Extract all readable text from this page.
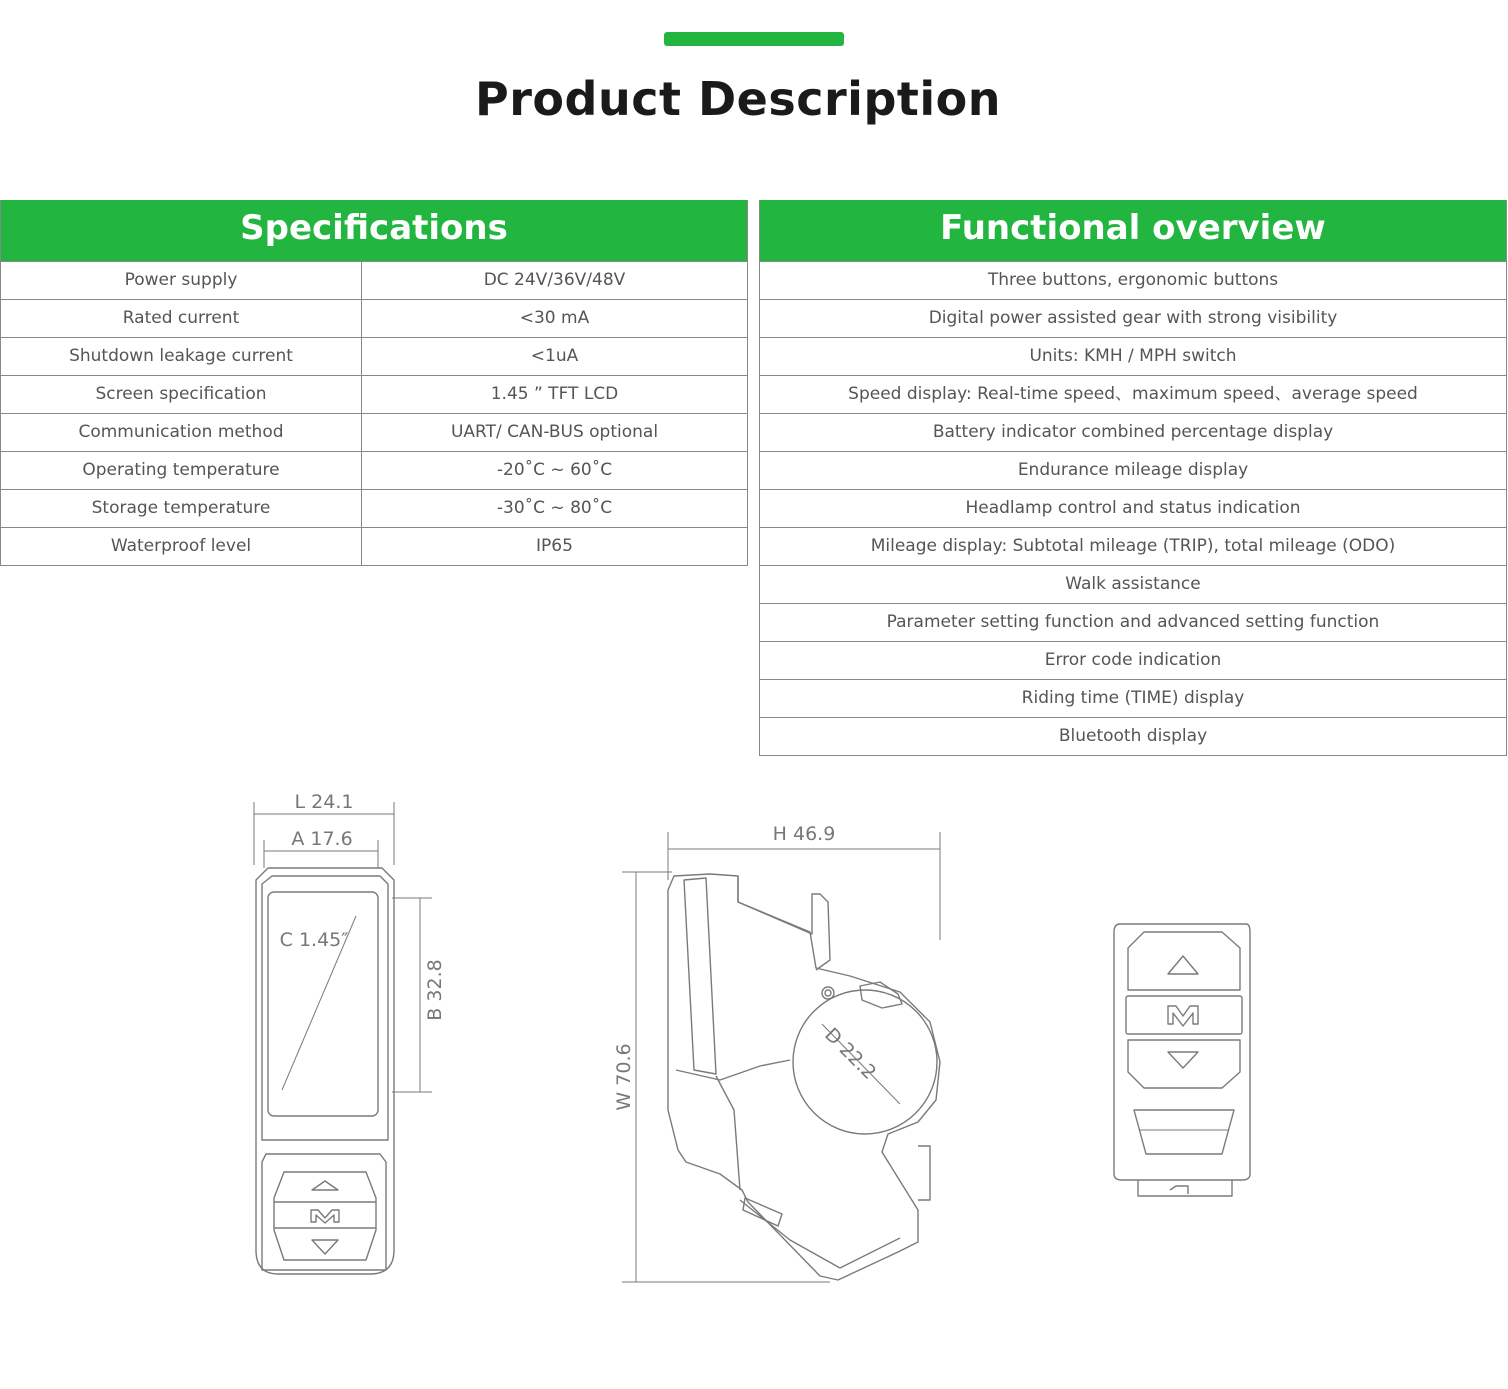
Product Description
Specifications
Power supply	DC 24V/36V/48V
Rated current	<30 mA
Shutdown leakage current	<1uA
Screen specification	1.45 ” TFT LCD
Communication method	UART/ CAN-BUS optional
Operating temperature	-20˚C ~ 60˚C
Storage temperature	-30˚C ~ 80˚C
Waterproof level	IP65
Functional overview
Three buttons, ergonomic buttons
Digital power assisted gear with strong visibility
Units: KMH / MPH switch
Speed display: Real-time speed、maximum speed、average speed
Battery indicator combined percentage display
Endurance mileage display
Headlamp control and status indication
Mileage display: Subtotal mileage (TRIP), total mileage (ODO)
Walk assistance
Parameter setting function and advanced setting function
Error code indication
Riding time (TIME) display
Bluetooth display
L 24.1
A 17.6
C 1.45″
B 32.8
H 46.9
W 70.6	D 22.2
